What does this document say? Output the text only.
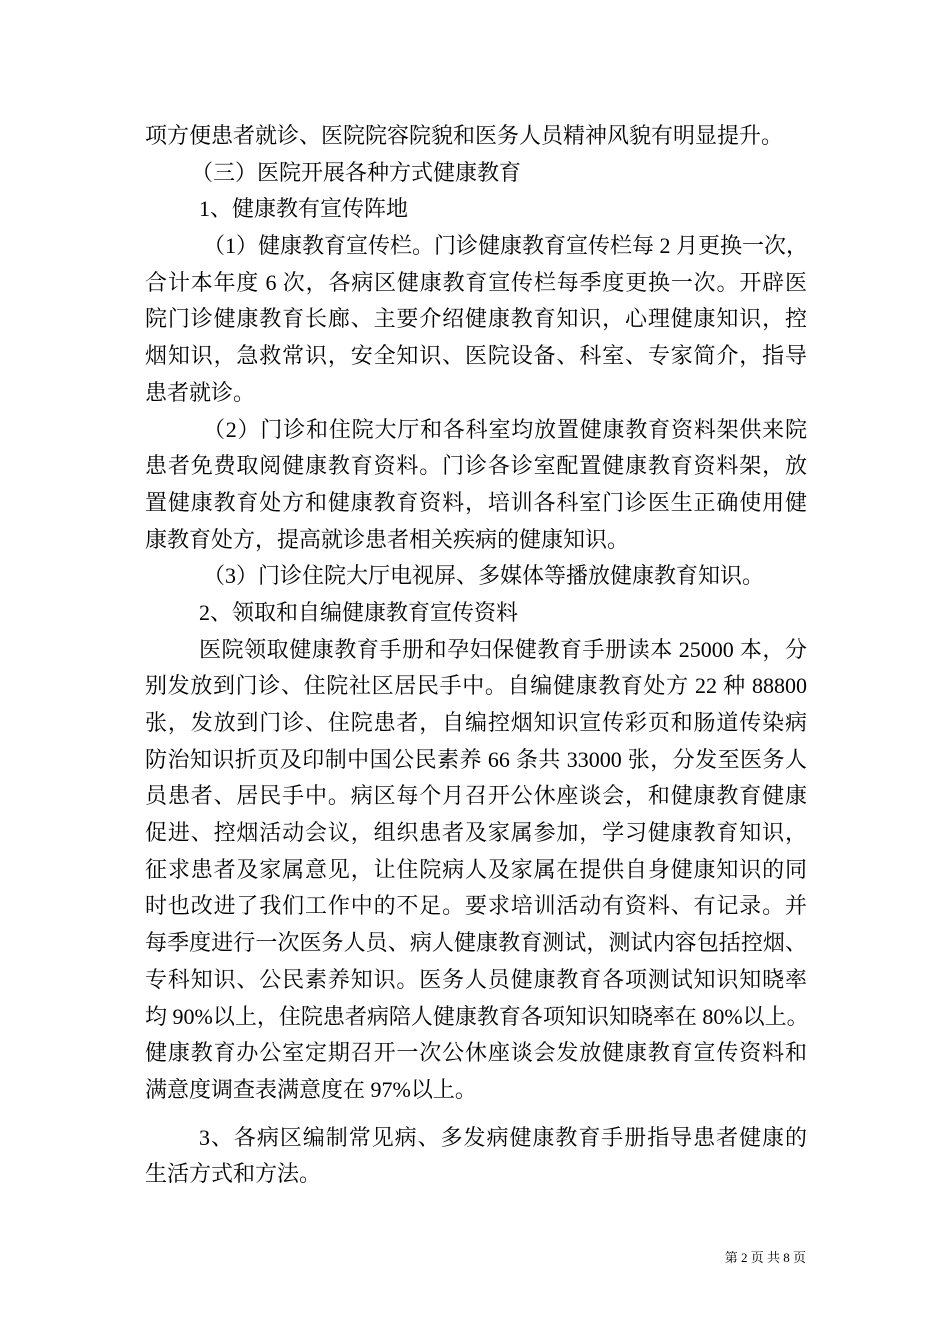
项方便患者就诊、医院院容院貌和医务人员精神风貌有明显提升。
（三）医院开展各种方式健康教育
1、健康教有宣传阵地
（1）健康教育宣传栏。门诊健康教育宣传栏每 2 月更换一次，
合计本年度 6 次，各病区健康教育宣传栏每季度更换一次。开辟医
院门诊健康教育长廊、主要介绍健康教育知识，心理健康知识，控
烟知识，急救常识，安全知识、医院设备、科室、专家简介，指导
患者就诊。
（2）门诊和住院大厅和各科室均放置健康教育资料架供来院
患者免费取阅健康教育资料。门诊各诊室配置健康教育资料架，放
置健康教育处方和健康教育资料，培训各科室门诊医生正确使用健
康教育处方，提高就诊患者相关疾病的健康知识。
（3）门诊住院大厅电视屏、多媒体等播放健康教育知识。
2、领取和自编健康教育宣传资料
医院领取健康教育手册和孕妇保健教育手册读本 25000 本，分
别发放到门诊、住院社区居民手中。自编健康教育处方 22 种 88800
张，发放到门诊、住院患者，自编控烟知识宣传彩页和肠道传染病
防治知识折页及印制中国公民素养 66 条共 33000 张，分发至医务人
员患者、居民手中。病区每个月召开公休座谈会，和健康教育健康
促进、控烟活动会议，组织患者及家属参加，学习健康教育知识，
征求患者及家属意见，让住院病人及家属在提供自身健康知识的同
时也改进了我们工作中的不足。要求培训活动有资料、有记录。并
每季度进行一次医务人员、病人健康教育测试，测试内容包括控烟、
专科知识、公民素养知识。医务人员健康教育各项测试知识知晓率
均 90%以上，住院患者病陪人健康教育各项知识知晓率在 80%以上。
健康教育办公室定期召开一次公休座谈会发放健康教育宣传资料和
满意度调查表满意度在 97%以上。
3、各病区编制常见病、多发病健康教育手册指导患者健康的
生活方式和方法。
第 2 页 共 8 页
